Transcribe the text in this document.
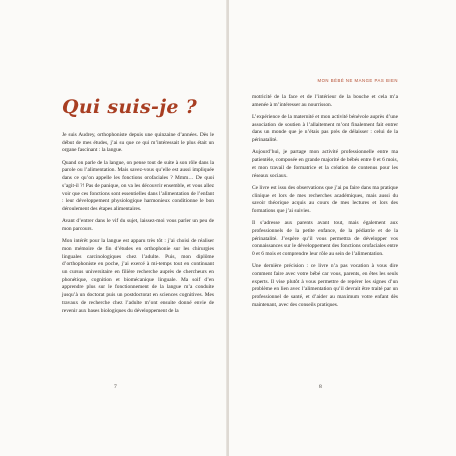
Qui suis-je ?

Je suis Audrey, orthophoniste depuis une quinzaine d’années. Dès le début de mes études, j’ai su que ce qui m’intéressait le plus était un organe fascinant : la langue.

Quand on parle de la langue, on pense tout de suite à son rôle dans la parole ou l’alimentation. Mais savez-vous qu’elle est aussi impliquée dans ce qu’on appelle les fonctions orofaciales ? Mmm… De quoi s’agit-il ?! Pas de panique, on va les découvrir ensemble, et vous allez voir que ces fonctions sont essentielles dans l’alimentation de l’enfant : leur développement physiologique harmonieux conditionne le bon déroulement des étapes alimentaires.

Avant d’entrer dans le vif du sujet, laissez-moi vous parler un peu de mon parcours.

Mon intérêt pour la langue est apparu très tôt : j’ai choisi de réaliser mon mémoire de fin d’études en orthophonie sur les chirurgies linguales carcinologiques chez l’adulte. Puis, mon diplôme d’orthophoniste en poche, j’ai exercé à mi-temps tout en continuant un cursus universitaire en filière recherche auprès de chercheurs en phonétique, cognition et biomécanique linguale. Ma soif d’en apprendre plus sur le fonctionnement de la langue m’a conduite jusqu’à un doctorat puis un postdoctorat en sciences cognitives. Mes travaux de recherche chez l’adulte m’ont ensuite donné envie de revenir aux bases biologiques du développement de la

7

motricité de la face et de l’intérieur de la bouche et cela m’a amenée à m’intéresser au nourrisson.

L’expérience de la maternité et mon activité bénévole auprès d’une association de soutien à l’allaitement m’ont finalement fait entrer dans un monde que je n’étais pas près de délaisser : celui de la périnatalité.

Aujourd’hui, je partage mon activité professionnelle entre ma patientèle, composée en grande majorité de bébés entre 0 et 6 mois, et mon travail de formatrice et la création de contenus pour les réseaux sociaux.

Ce livre est issu des observations que j’ai pu faire dans ma pratique clinique et lors de mes recherches académiques, mais aussi du savoir théorique acquis au cours de mes lectures et lors des formations que j’ai suivies.

Il s’adresse aux parents avant tout, mais également aux professionnels de la petite enfance, de la pédiatrie et de la périnatalité. J’espère qu’il vous permettra de développer vos connaissances sur le développement des fonctions orofaciales entre 0 et 6 mois et comprendre leur rôle au sein de l’alimentation.

Une dernière précision : ce livre n’a pas vocation à vous dire comment faire avec votre bébé car vous, parents, en êtes les seuls experts. Il vise plutôt à vous permettre de repérer les signes d’un problème en lien avec l’alimentation qu’il devrait être traité par un professionnel de santé, et d’aider au maximum votre enfant dès maintenant, avec des conseils pratiques.

8
MON BÉBÉ NE MANGE PAS BIEN
